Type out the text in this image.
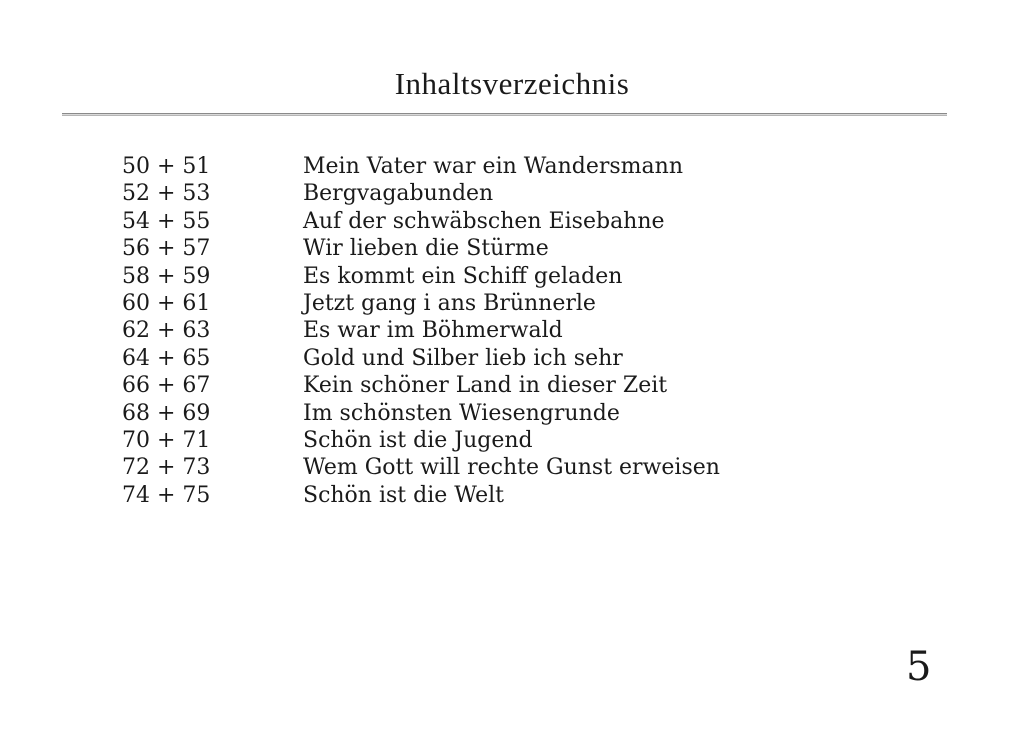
Inhaltsverzeichnis
50 + 51	Mein Vater war ein Wandersmann
52 + 53	Bergvagabunden
54 + 55	Auf der schwäbschen Eisebahne
56 + 57	Wir lieben die Stürme
58 + 59	Es kommt ein Schiff geladen
60 + 61	Jetzt gang i ans Brünnerle
62 + 63	Es war im Böhmerwald
64 + 65	Gold und Silber lieb ich sehr
66 + 67	Kein schöner Land in dieser Zeit
68 + 69	Im schönsten Wiesengrunde
70 + 71	Schön ist die Jugend
72 + 73	Wem Gott will rechte Gunst erweisen
74 + 75	Schön ist die Welt
5
